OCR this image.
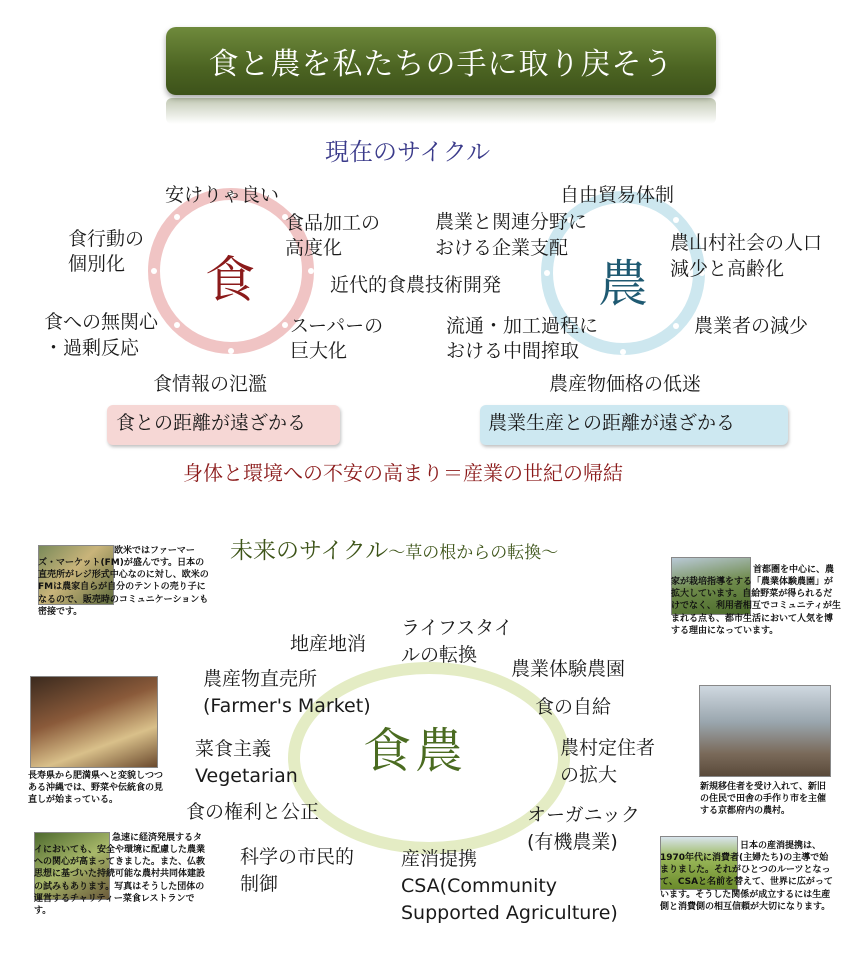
食と農を私たちの手に取り戻そう
現在のサイクル
食	農
安けりゃ良い
食品加工の
高度化
食行動の
個別化
食への無関心
・過剰反応
スーパーの
巨大化
食情報の氾濫
近代的食農技術開発
自由貿易体制
農業と関連分野に
おける企業支配	農山村社会の人口
減少と高齢化
流通・加工過程に
おける中間搾取
農業者の減少
農産物価格の低迷
食との距離が遠ざかる	農業生産との距離が遠ざかる
身体と環境への不安の高まり＝産業の世紀の帰結
未来のサイクル～草の根からの転換～
食農
地産地消
ライフスタイ
ルの転換
農業体験農園
農産物直売所
(Farmer's Market)	食の自給
菜食主義
Vegetarian
農村定住者
の拡大
食の権利と公正	オーガニック
(有機農業)
科学の市民的
制御
産消提携
CSA(Community
Supported Agriculture)
欧米ではファーマーズ・マーケット(FM)が盛んです。日本の直売所がレジ形式中心なのに対し、欧米のFMは農家自らが自分のテントの売り子になるので、販売時のコミュニケーションも密接です。
長寿県から肥満県へと変貌しつつある沖縄では、野菜や伝統食の見直しが始まっている。
急速に経済発展するタイにおいても、安全や環境に配慮した農業への関心が高まってきました。また、仏教思想に基づいた持続可能な農村共同体建設の試みもあります。写真はそうした団体の運営するチャリティー菜食レストランです。
首都圏を中心に、農家が栽培指導をする「農業体験農園」が拡大しています。自給野菜が得られるだけでなく、利用者相互でコミュニティが生まれる点も、都市生活において人気を博する理由になっています。
新規移住者を受け入れて、新旧の住民で田舎の手作り市を主催する京都府内の農村。
日本の産消提携は、1970年代に消費者(主婦たち)の主導で始まりました。それがひとつのルーツとなって、CSAと名前を替えて、世界に広がっています。そうした関係が成立するには生産側と消費側の相互信頼が大切になります。
